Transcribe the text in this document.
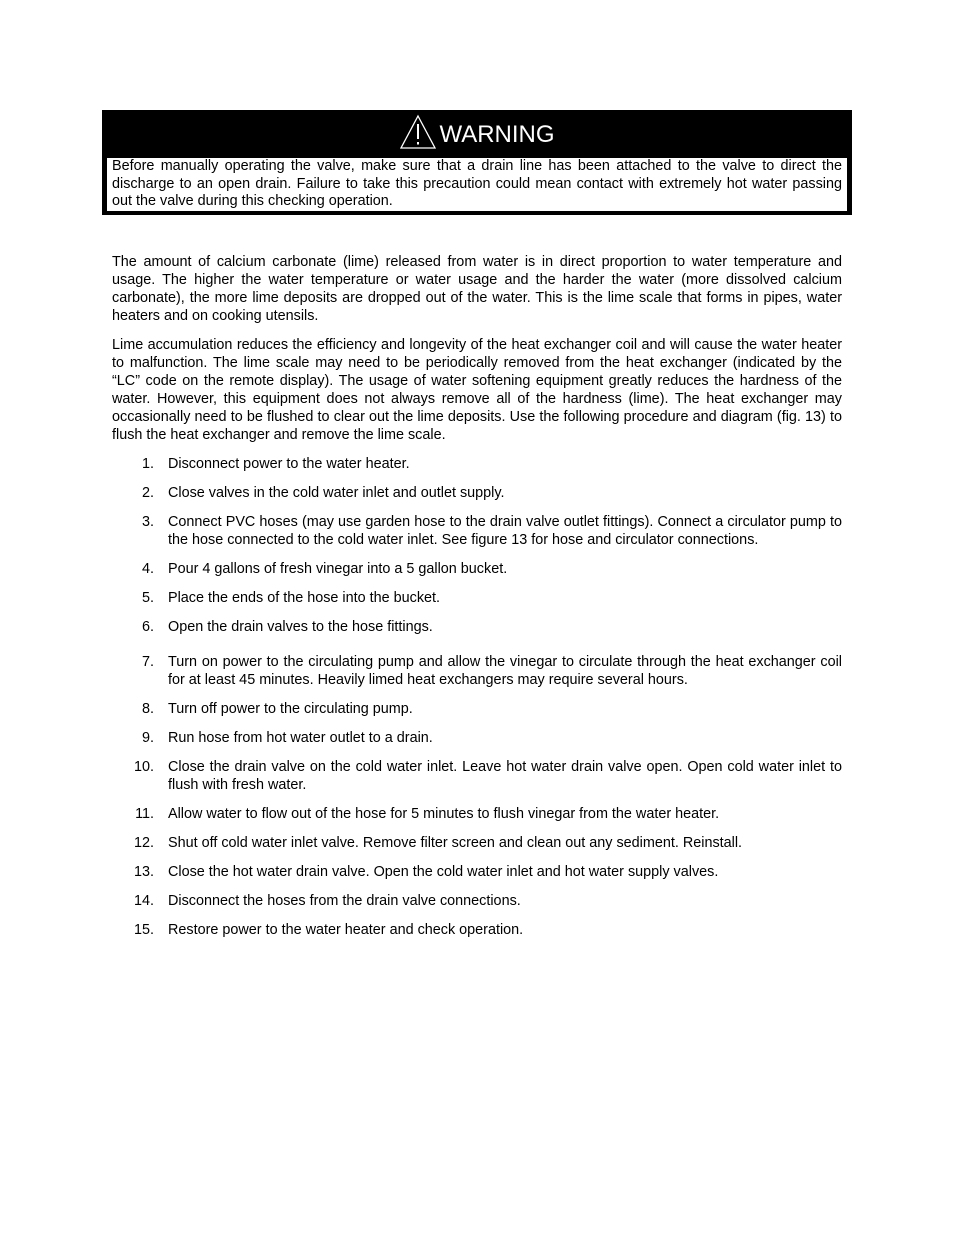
WARNING
Before manually operating the valve, make sure that a drain line has been attached to the valve to direct the discharge to an open drain. Failure to take this precaution could mean contact with extremely hot water passing out the valve during this checking operation.

The amount of calcium carbonate (lime) released from water is in direct proportion to water temperature and usage. The higher the water temperature or water usage and the harder the water (more dissolved calcium carbonate), the more lime deposits are dropped out of the water. This is the lime scale that forms in pipes, water heaters and on cooking utensils.

Lime accumulation reduces the efficiency and longevity of the heat exchanger coil and will cause the water heater to malfunction. The lime scale may need to be periodically removed from the heat exchanger (indicated by the “LC” code on the remote display). The usage of water softening equipment greatly reduces the hardness of the water. However, this equipment does not always remove all of the hardness (lime). The heat exchanger may occasionally need to be flushed to clear out the lime deposits. Use the following procedure and diagram (fig. 13) to flush the heat exchanger and remove the lime scale.

1. Disconnect power to the water heater.
2. Close valves in the cold water inlet and outlet supply.
3. Connect PVC hoses (may use garden hose to the drain valve outlet fittings). Connect a circulator pump to the hose connected to the cold water inlet. See figure 13 for hose and circulator connections.
4. Pour 4 gallons of fresh vinegar into a 5 gallon bucket.
5. Place the ends of the hose into the bucket.
6. Open the drain valves to the hose fittings.
7. Turn on power to the circulating pump and allow the vinegar to circulate through the heat exchanger coil for at least 45 minutes. Heavily limed heat exchangers may require several hours.
8. Turn off power to the circulating pump.
9. Run hose from hot water outlet to a drain.
10. Close the drain valve on the cold water inlet. Leave hot water drain valve open. Open cold water inlet to flush with fresh water.
11. Allow water to flow out of the hose for 5 minutes to flush vinegar from the water heater.
12. Shut off cold water inlet valve. Remove filter screen and clean out any sediment. Reinstall.
13. Close the hot water drain valve. Open the cold water inlet and hot water supply valves.
14. Disconnect the hoses from the drain valve connections.
15. Restore power to the water heater and check operation.
